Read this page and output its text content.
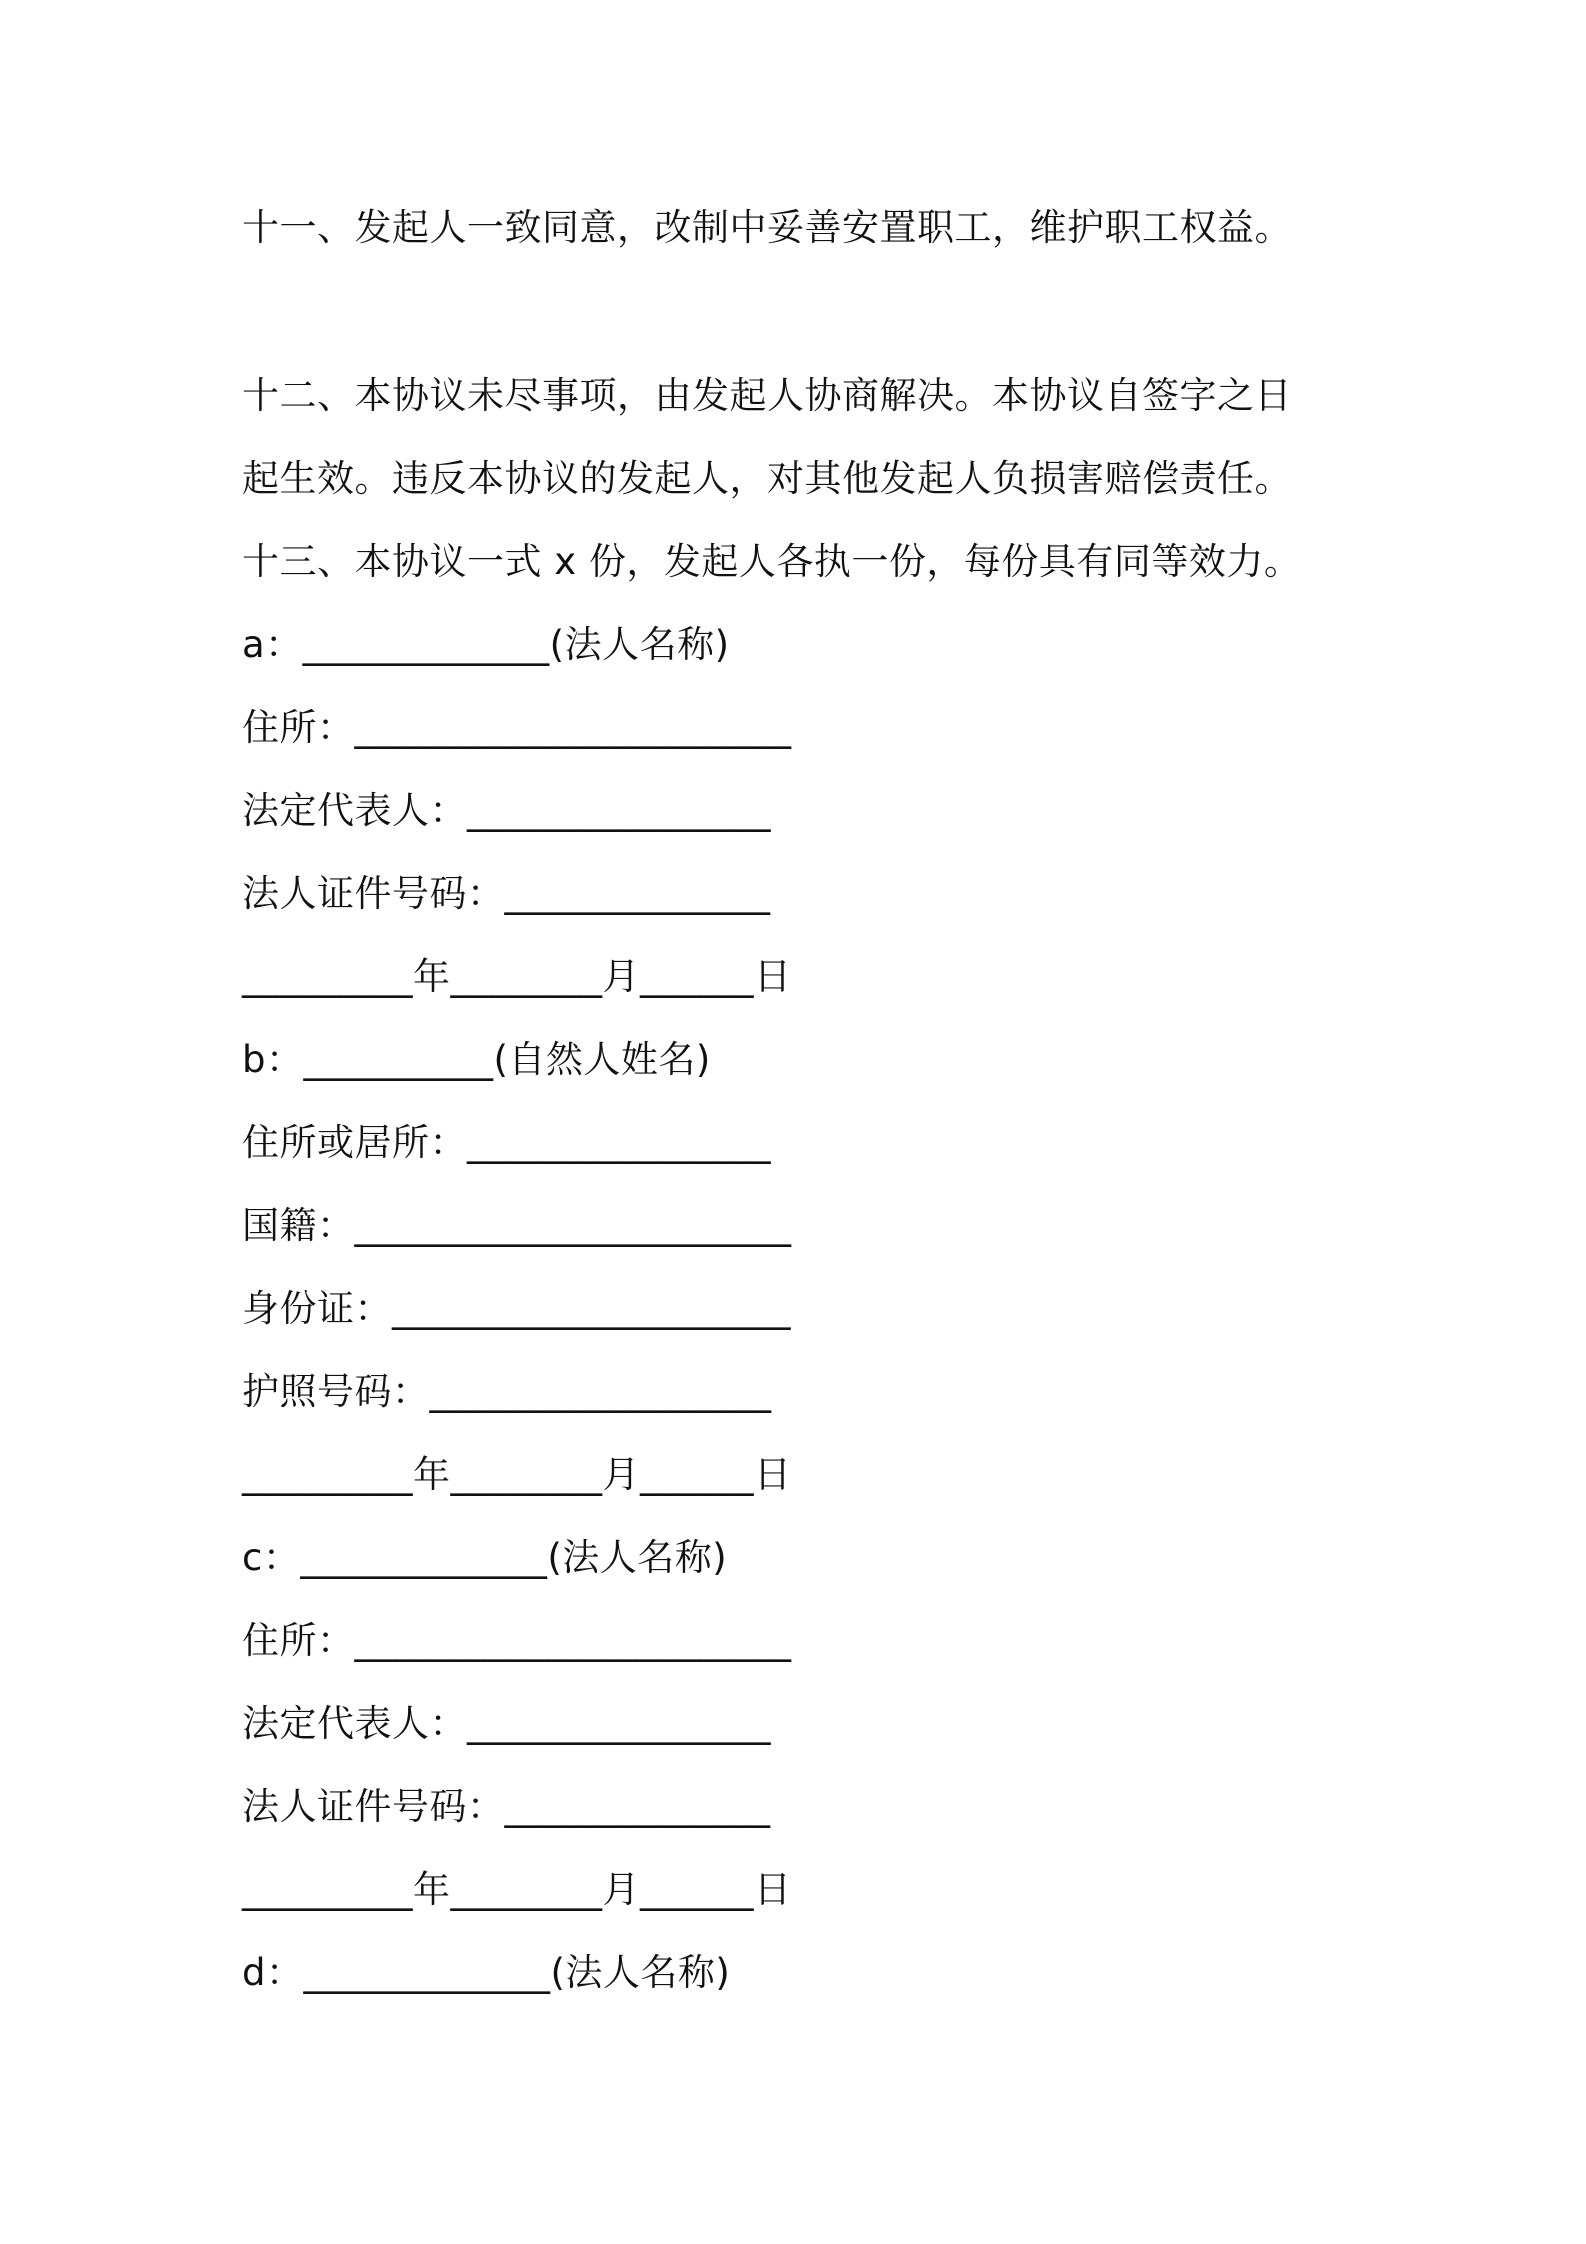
十一、发起人一致同意，改制中妥善安置职工，维护职工权益。
十二、本协议未尽事项，由发起人协商解决。本协议自签字之日
起生效。违反本协议的发起人，对其他发起人负损害赔偿责任。
十三、本协议一式 x 份，发起人各执一份，每份具有同等效力。
a：_____________(法人名称)
住所：_______________________
法定代表人：________________
法人证件号码：______________
_________年________月______日
b：__________(自然人姓名)
住所或居所：________________
国籍：_______________________
身份证：_____________________
护照号码：__________________
_________年________月______日
c：_____________(法人名称)
住所：_______________________
法定代表人：________________
法人证件号码：______________
_________年________月______日
d：_____________(法人名称)
